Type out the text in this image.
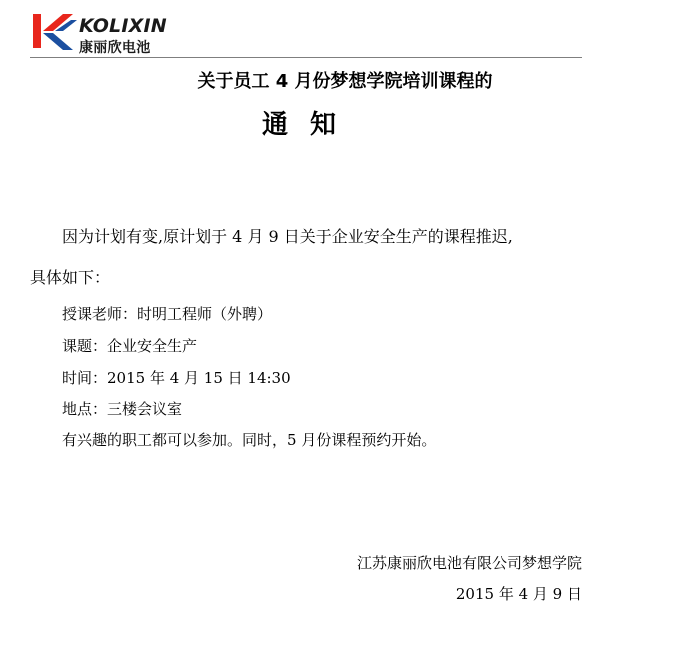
KOLIXIN
康丽欣电池
关于员工 4 月份梦想学院培训课程的
通知
因为计划有变,原计划于 4 月 9 日关于企业安全生产的课程推迟,
具体如下：
授课老师：时明工程师（外聘）
课题：企业安全生产
时间：2015 年 4 月 15 日 14:30
地点：三楼会议室
有兴趣的职工都可以参加。同时，5 月份课程预约开始。
江苏康丽欣电池有限公司梦想学院
2015 年 4 月 9 日
